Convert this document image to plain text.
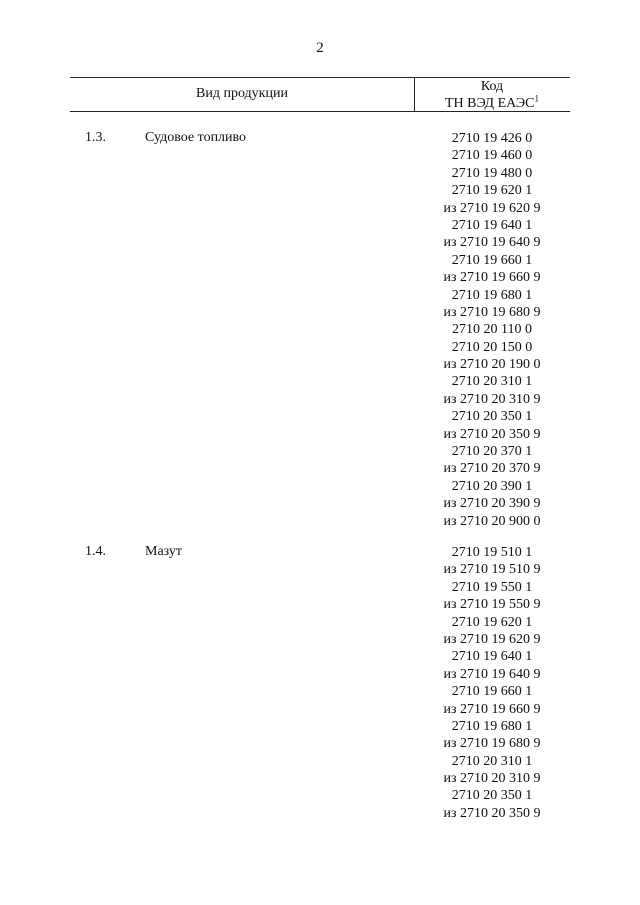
2
Вид продукции	Код
ТН ВЭД ЕАЭС$^1$
1.3.	Судовое топливо	2710 19 426 0
2710 19 460 0
2710 19 480 0
2710 19 620 1
из 2710 19 620 9
2710 19 640 1
из 2710 19 640 9
2710 19 660 1
из 2710 19 660 9
2710 19 680 1
из 2710 19 680 9
2710 20 110 0
2710 20 150 0
из 2710 20 190 0
2710 20 310 1
из 2710 20 310 9
2710 20 350 1
из 2710 20 350 9
2710 20 370 1
из 2710 20 370 9
2710 20 390 1
из 2710 20 390 9
из 2710 20 900 0
1.4.	Мазут	2710 19 510 1
из 2710 19 510 9
2710 19 550 1
из 2710 19 550 9
2710 19 620 1
из 2710 19 620 9
2710 19 640 1
из 2710 19 640 9
2710 19 660 1
из 2710 19 660 9
2710 19 680 1
из 2710 19 680 9
2710 20 310 1
из 2710 20 310 9
2710 20 350 1
из 2710 20 350 9
